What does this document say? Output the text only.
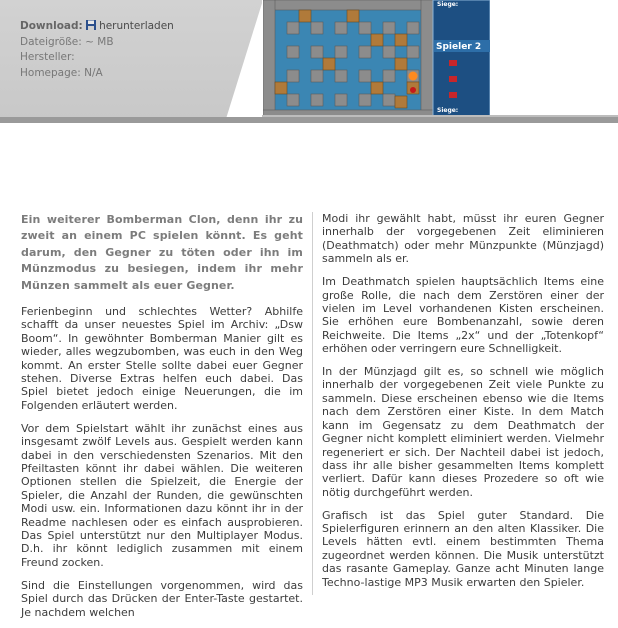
Download: herunterladen
Dateigröße: ~ MB
Hersteller:
Homepage: N/A
Siege:
Spieler 2
Siege:
Ein weiterer Bomberman Clon, denn ihr zu zweit an einem PC spielen könnt. Es geht darum, den Gegner zu töten oder ihn im Münzmodus zu besiegen, indem ihr mehr Münzen sammelt als euer Gegner.

Ferienbeginn und schlechtes Wetter? Abhilfe schafft da unser neuestes Spiel im Archiv: „Dsw Boom“. In gewöhnter Bomberman Manier gilt es wieder, alles wegzubomben, was euch in den Weg kommt. An erster Stelle sollte dabei euer Gegner stehen. Diverse Extras helfen euch dabei. Das Spiel bietet jedoch einige Neuerungen, die im Folgenden erläutert werden.

Vor dem Spielstart wählt ihr zunächst eines aus insgesamt zwölf Levels aus. Gespielt werden kann dabei in den verschiedensten Szenarios. Mit den Pfeiltasten könnt ihr dabei wählen. Die weiteren Optionen stellen die Spielzeit, die Energie der Spieler, die Anzahl der Runden, die gewünschten Modi usw. ein. Informationen dazu könnt ihr in der Readme nachlesen oder es einfach ausprobieren. Das Spiel unterstützt nur den Multiplayer Modus. D.h. ihr könnt lediglich zusammen mit einem Freund zocken.

Sind die Einstellungen vorgenommen, wird das Spiel durch das Drücken der Enter-Taste gestartet. Je nachdem welchen

Modi ihr gewählt habt, müsst ihr euren Gegner innerhalb der vorgegebenen Zeit eliminieren (Deathmatch) oder mehr Münzpunkte (Münzjagd) sammeln als er.

Im Deathmatch spielen hauptsächlich Items eine große Rolle, die nach dem Zerstören einer der vielen im Level vorhandenen Kisten erscheinen. Sie erhöhen eure Bombenanzahl, sowie deren Reichweite. Die Items „2x“ und der „Totenkopf“ erhöhen oder verringern eure Schnelligkeit.

In der Münzjagd gilt es, so schnell wie möglich innerhalb der vorgegebenen Zeit viele Punkte zu sammeln. Diese erscheinen ebenso wie die Items nach dem Zerstören einer Kiste. In dem Match kann im Gegensatz zu dem Deathmatch der Gegner nicht komplett eliminiert werden. Vielmehr regeneriert er sich. Der Nachteil dabei ist jedoch, dass ihr alle bisher gesammelten Items komplett verliert. Dafür kann dieses Prozedere so oft wie nötig durchgeführt werden.

Grafisch ist das Spiel guter Standard. Die Spielerfiguren erinnern an den alten Klassiker. Die Levels hätten evtl. einem bestimmten Thema zugeordnet werden können. Die Musik unterstützt das rasante Gameplay. Ganze acht Minuten lange Techno-lastige MP3 Musik erwarten den Spieler.
